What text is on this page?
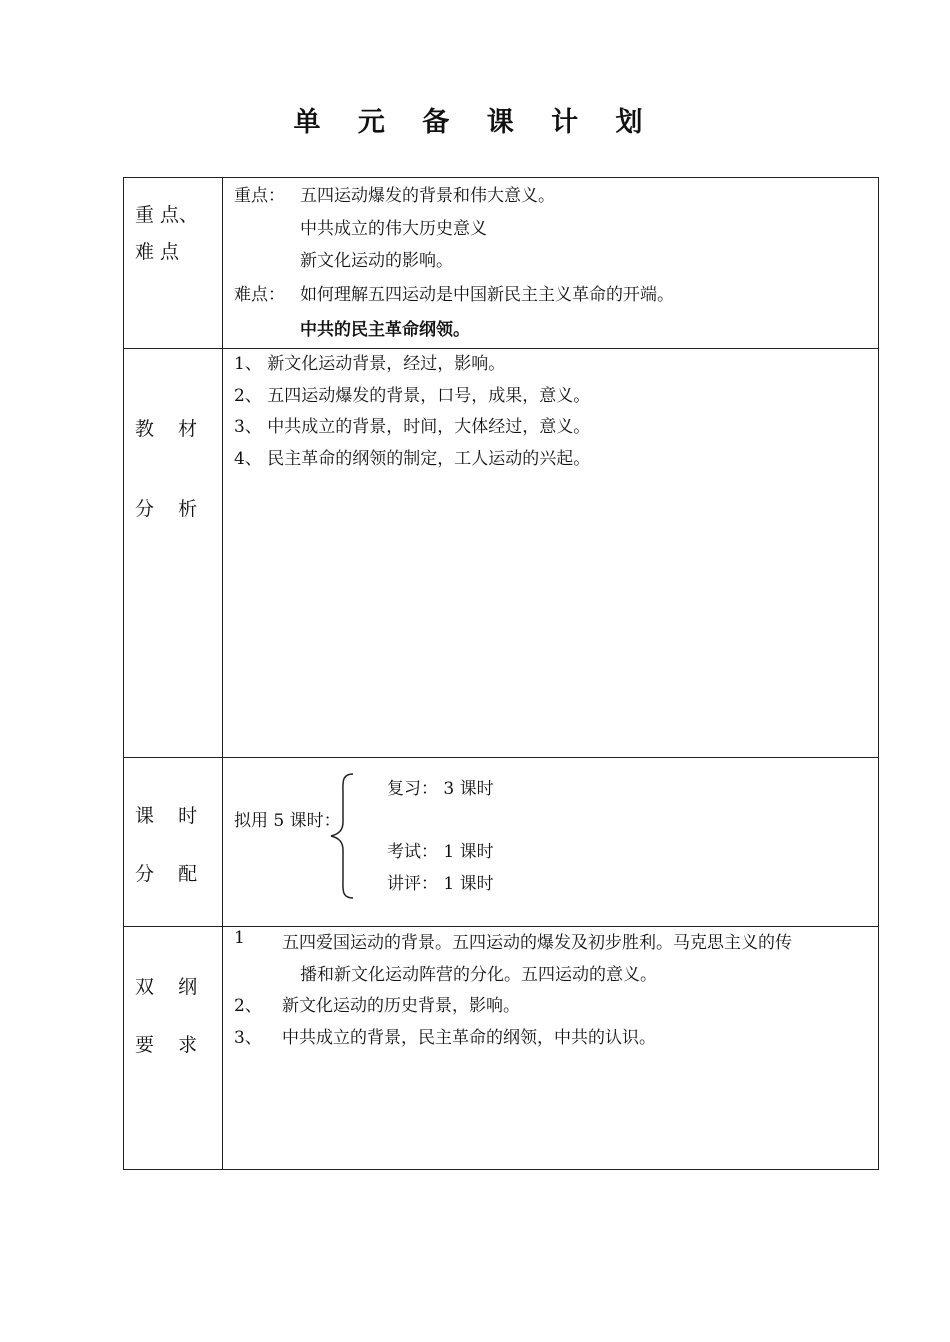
单 元 备 课 计 划
重 点、
难 点
重点： 五四运动爆发的背景和伟大意义。
中共成立的伟大历史意义
新文化运动的影响。
难点： 如何理解五四运动是中国新民主主义革命的开端。
中共的民主革命纲领。
教    材
分    析
1、 新文化运动背景，经过，影响。
2、 五四运动爆发的背景，口号，成果，意义。
3、 中共成立的背景，时间，大体经过，意义。
4、 民主革命的纲领的制定，工人运动的兴起。
课    时
分    配
拟用 5 课时：
复习： 3 课时
考试： 1 课时
讲评： 1 课时
双    纲
要    求
1 五四爱国运动的背景。五四运动的爆发及初步胜利。马克思主义的传
播和新文化运动阵营的分化。五四运动的意义。
2、 新文化运动的历史背景，影响。
3、 中共成立的背景，民主革命的纲领，中共的认识。
